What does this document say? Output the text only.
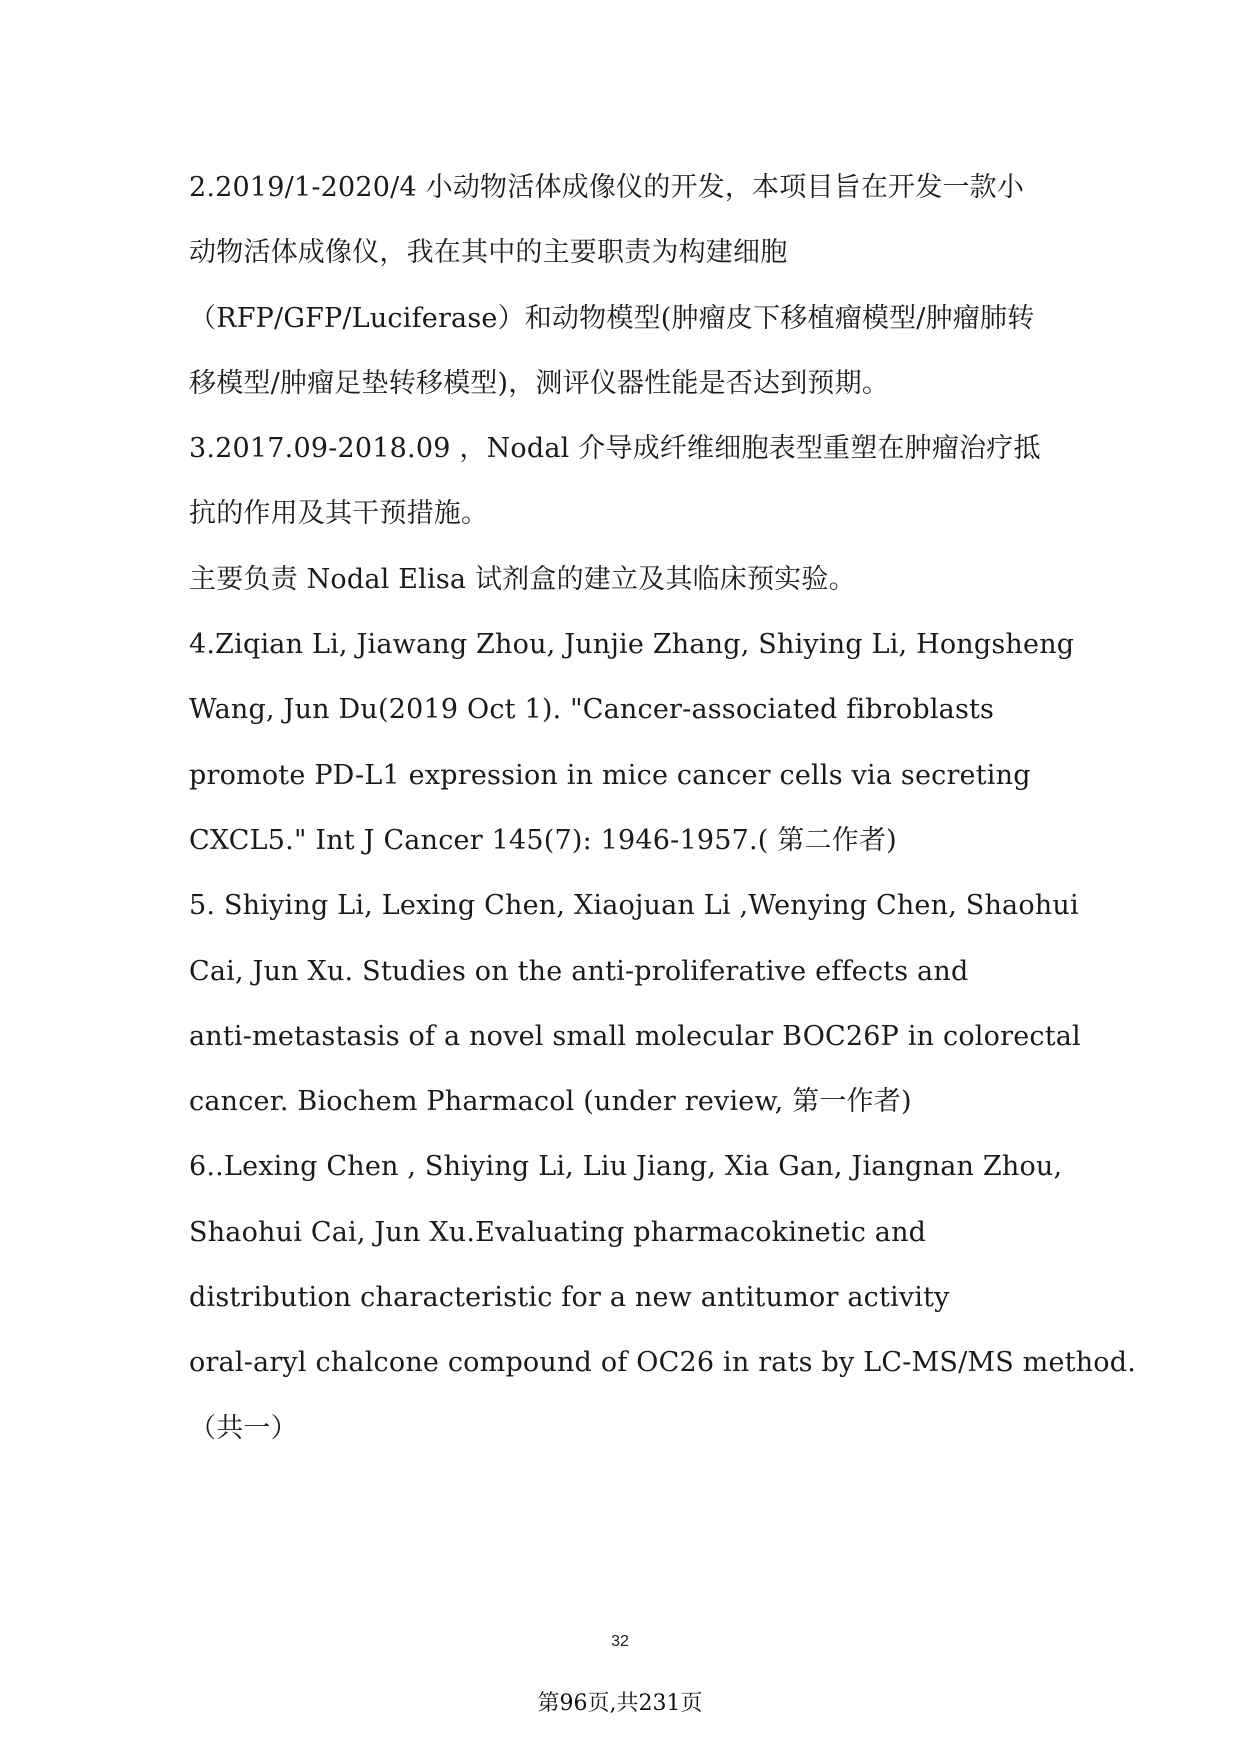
2.2019/1-2020/4 小动物活体成像仪的开发，本项目旨在开发一款小
动物活体成像仪，我在其中的主要职责为构建细胞
（RFP/GFP/Luciferase）和动物模型(肿瘤皮下移植瘤模型/肿瘤肺转
移模型/肿瘤足垫转移模型)，测评仪器性能是否达到预期。
3.2017.09-2018.09 ，Nodal 介导成纤维细胞表型重塑在肿瘤治疗抵
抗的作用及其干预措施。
主要负责 Nodal Elisa 试剂盒的建立及其临床预实验。
4.Ziqian Li, Jiawang Zhou, Junjie Zhang, Shiying Li, Hongsheng
Wang, Jun Du(2019 Oct 1). "Cancer-associated fibroblasts
promote PD-L1 expression in mice cancer cells via secreting
CXCL5." Int J Cancer 145(7): 1946-1957.( 第二作者)
5. Shiying Li, Lexing Chen, Xiaojuan Li ,Wenying Chen, Shaohui
Cai, Jun Xu. Studies on the anti-proliferative effects and
anti-metastasis of a novel small molecular BOC26P in colorectal
cancer. Biochem Pharmacol (under review, 第一作者)
6..Lexing Chen , Shiying Li, Liu Jiang, Xia Gan, Jiangnan Zhou,
Shaohui Cai, Jun Xu.Evaluating pharmacokinetic and
distribution characteristic for a new antitumor activity
oral-aryl chalcone compound of OC26 in rats by LC-MS/MS method.
（共一）
32
第96页,共231页
